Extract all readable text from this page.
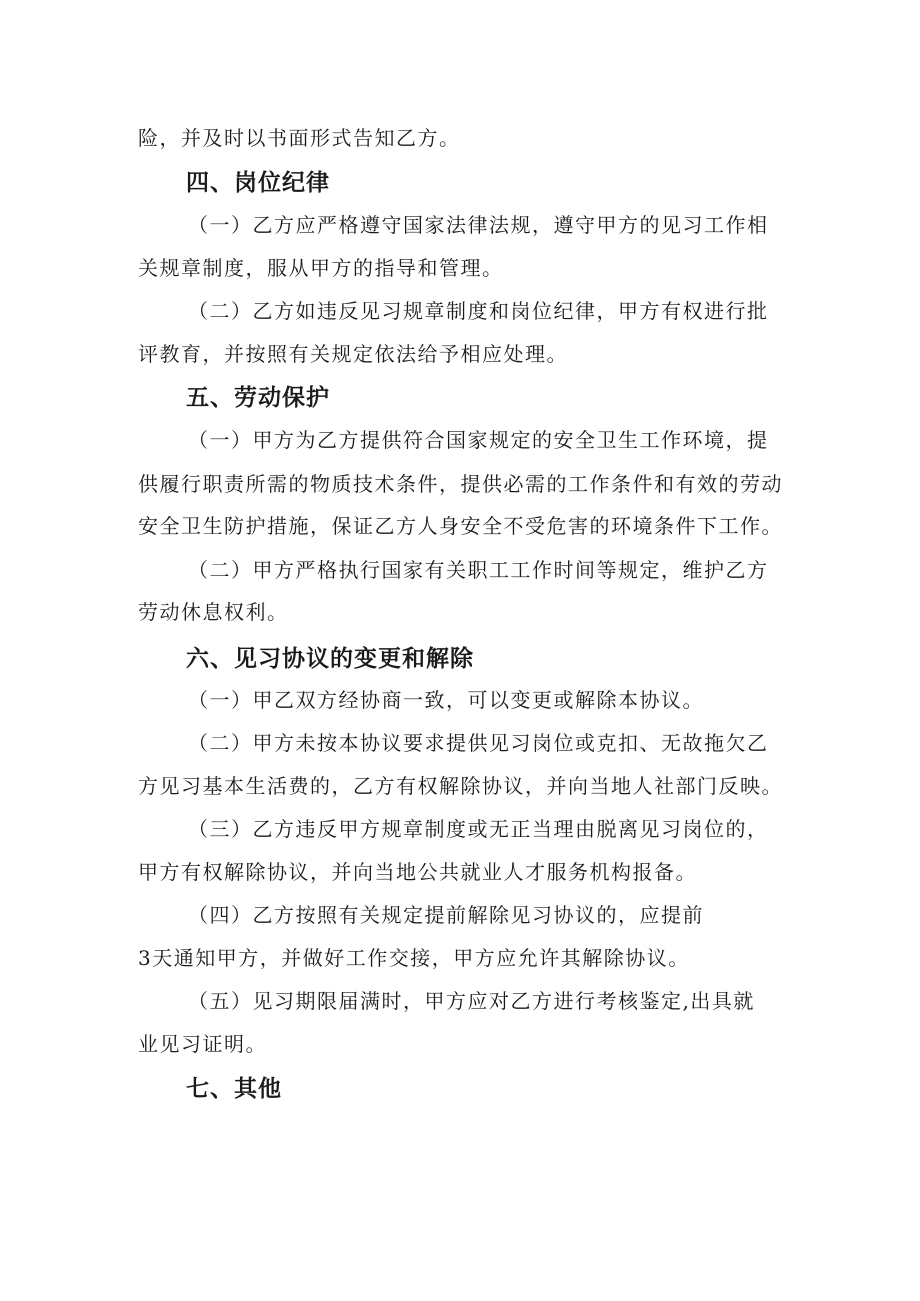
险，并及时以书面形式告知乙方。
四、岗位纪律
（一）乙方应严格遵守国家法律法规，遵守甲方的见习工作相
关规章制度，服从甲方的指导和管理。
（二）乙方如违反见习规章制度和岗位纪律，甲方有权进行批
评教育，并按照有关规定依法给予相应处理。
五、劳动保护
（一）甲方为乙方提供符合国家规定的安全卫生工作环境，提
供履行职责所需的物质技术条件，提供必需的工作条件和有效的劳动
安全卫生防护措施，保证乙方人身安全不受危害的环境条件下工作。
（二）甲方严格执行国家有关职工工作时间等规定，维护乙方
劳动休息权利。
六、见习协议的变更和解除
（一）甲乙双方经协商一致，可以变更或解除本协议。
（二）甲方未按本协议要求提供见习岗位或克扣、无故拖欠乙
方见习基本生活费的，乙方有权解除协议，并向当地人社部门反映。
（三）乙方违反甲方规章制度或无正当理由脱离见习岗位的，
甲方有权解除协议，并向当地公共就业人才服务机构报备。
（四）乙方按照有关规定提前解除见习协议的，应提前
3天通知甲方，并做好工作交接，甲方应允许其解除协议。
（五）见习期限届满时，甲方应对乙方进行考核鉴定,出具就
业见习证明。
七、其他
